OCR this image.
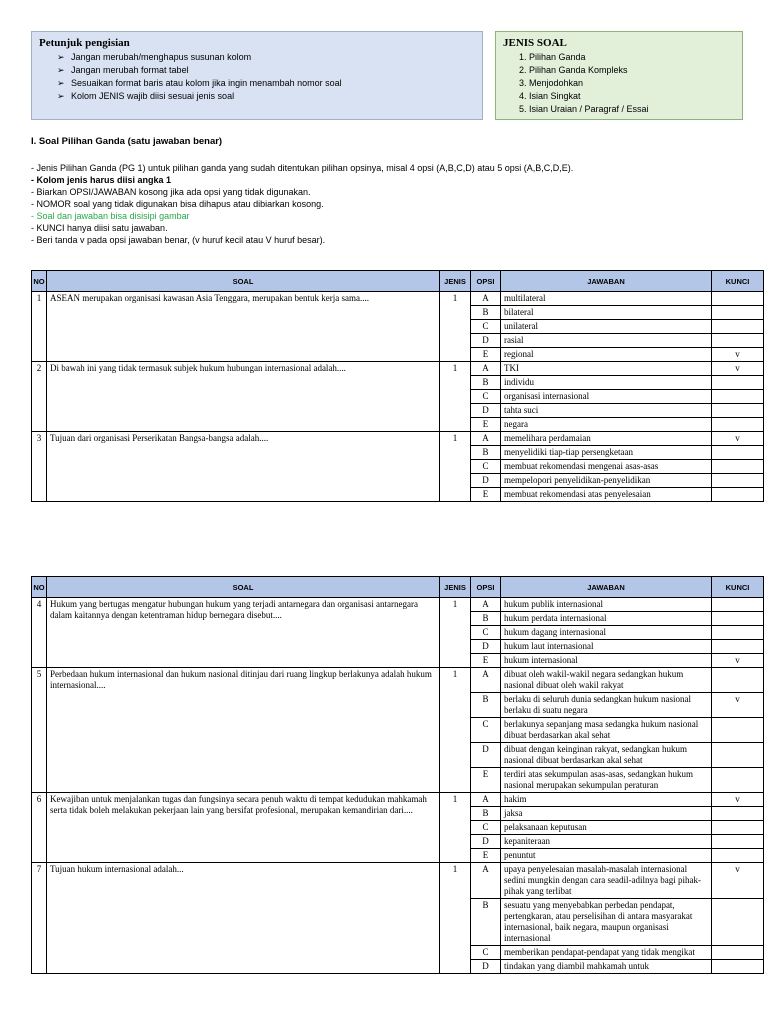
Petunjuk pengisian
➢ Jangan merubah/menghapus susunan kolom
➢ Jangan merubah format tabel
➢ Sesuaikan format baris atau kolom jika ingin menambah nomor soal
➢ Kolom JENIS wajib diisi sesuai jenis soal
JENIS SOAL
1. Pilihan Ganda
2. Pilihan Ganda Kompleks
3. Menjodohkan
4. Isian Singkat
5. Isian Uraian / Paragraf / Essai
I. Soal Pilihan Ganda (satu jawaban benar)
- Jenis Pilihan Ganda (PG 1) untuk pilihan ganda yang sudah ditentukan pilihan opsinya, misal 4 opsi (A,B,C,D) atau 5 opsi (A,B,C,D,E).
- Kolom jenis harus diisi angka 1
- Biarkan OPSI/JAWABAN kosong jika ada opsi yang tidak digunakan.
- NOMOR soal yang tidak digunakan bisa dihapus atau dibiarkan kosong.
- Soal dan jawaban bisa disisipi gambar
- KUNCI hanya diisi satu jawaban.
- Beri tanda v pada opsi jawaban benar, (v huruf kecil atau V huruf besar).
NO	SOAL	JENIS	OPSI	JAWABAN	KUNCI
1	ASEAN merupakan organisasi kawasan Asia Tenggara, merupakan bentuk kerja sama....	1	A	multilateral	
			B	bilateral	
			C	unilateral	
			D	rasial	
			E	regional	v
2	Di bawah ini yang tidak termasuk subjek hukum hubungan internasional adalah....	1	A	TKI	v
			B	individu	
			C	organisasi internasional	
			D	tahta suci	
			E	negara	
3	Tujuan dari organisasi Perserikatan Bangsa-bangsa adalah....	1	A	memelihara perdamaian	v
			B	menyelidiki tiap-tiap persengketaan	
			C	membuat rekomendasi mengenai asas-asas	
			D	mempelopori penyelidikan-penyelidikan	
			E	membuat rekomendasi atas penyelesaian	
NO	SOAL	JENIS	OPSI	JAWABAN	KUNCI
4	Hukum yang bertugas mengatur hubungan hukum yang terjadi antarnegara dan organisasi antarnegara dalam kaitannya dengan ketentraman hidup bernegara disebut....	1	A	hukum publik internasional	
			B	hukum perdata internasional	
			C	hukum dagang internasional	
			D	hukum laut internasional	
			E	hukum internasional	v
5	Perbedaan hukum internasional dan hukum nasional ditinjau dari ruang lingkup berlakunya adalah hukum internasional....	1	A	dibuat oleh wakil-wakil negara sedangkan hukum nasional dibuat oleh wakil rakyat	
			B	berlaku di seluruh dunia sedangkan hukum nasional berlaku di suatu negara	v
			C	berlakunya sepanjang masa sedangka hukum nasional dibuat berdasarkan akal sehat	
			D	dibuat dengan keinginan rakyat, sedangkan hukum nasional dibuat berdasarkan akal sehat	
			E	terdiri atas sekumpulan asas-asas, sedangkan hukum nasional merupakan sekumpulan peraturan	
6	Kewajiban untuk menjalankan tugas dan fungsinya secara penuh waktu di tempat kedudukan mahkamah serta tidak boleh melakukan pekerjaan lain yang bersifat profesional, merupakan kemandirian dari....	1	A	hakim	v
			B	jaksa	
			C	pelaksanaan keputusan	
			D	kepaniteraan	
			E	penuntut	
7	Tujuan hukum internasional adalah...	1	A	upaya penyelesaian masalah-masalah internasional sedini mungkin dengan cara seadil-adilnya bagi pihak-pihak yang terlibat	v
			B	sesuatu yang menyebabkan perbedan pendapat, pertengkaran, atau perselisihan di antara masyarakat internasional, baik negara, maupun organisasi internasional	
			C	memberikan pendapat-pendapat yang tidak mengikat	
			D	tindakan yang diambil mahkamah untuk	
